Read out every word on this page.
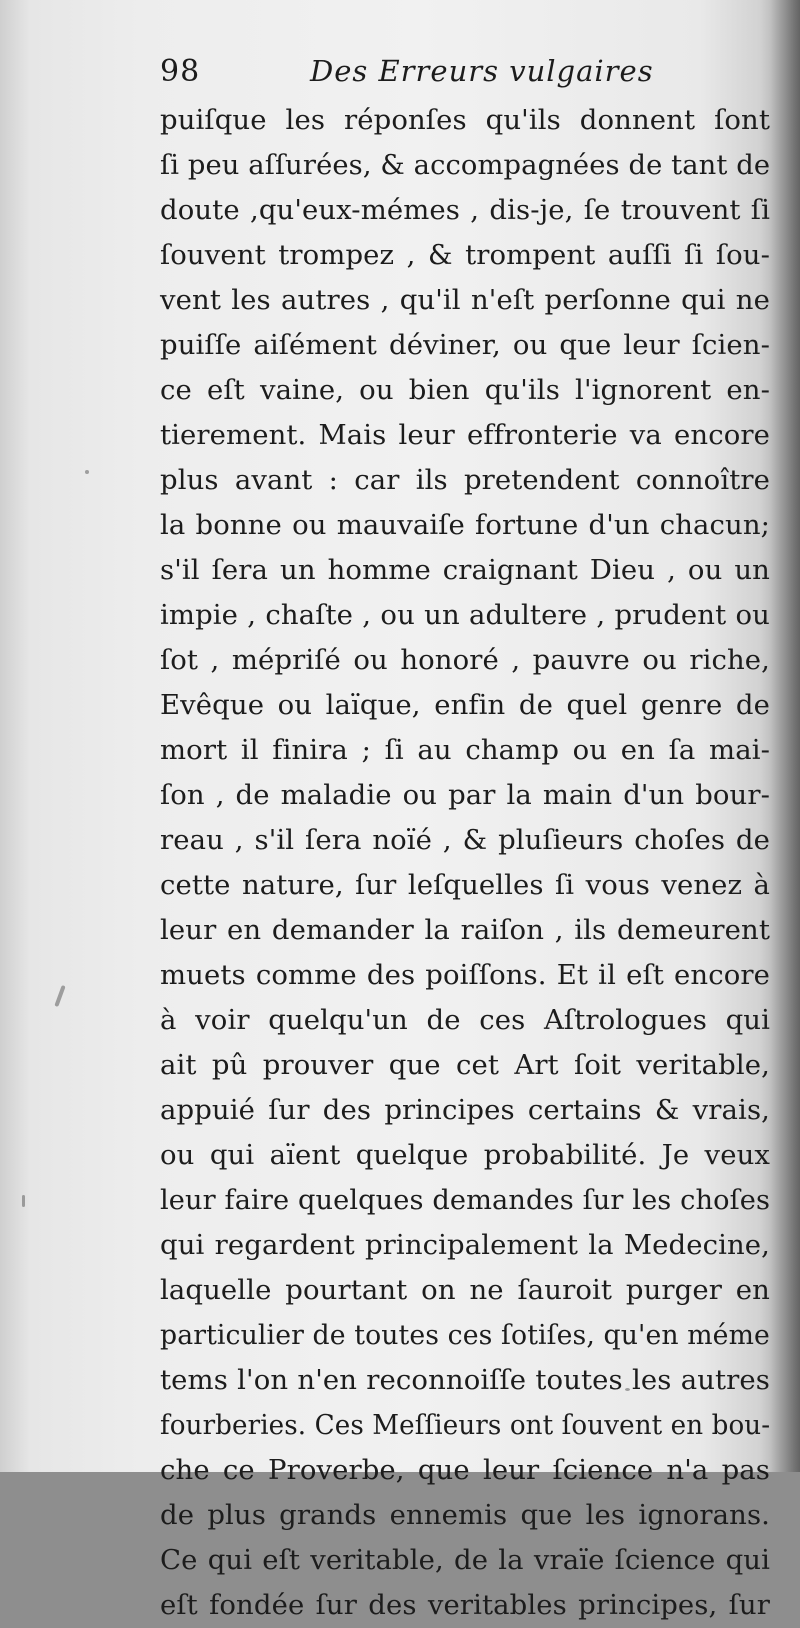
98	Des Erreurs vulgaires
puiſque les réponſes qu'ils donnent ſont
ſi peu aſſurées, & accompagnées de tant de
doute ,qu'eux-mémes , dis-je, ſe trouvent ſi
ſouvent trompez , & trompent auſſi ſi ſou-
vent les autres , qu'il n'eſt perſonne qui ne
puiſſe aiſément déviner, ou que leur ſcien-
ce eſt vaine, ou bien qu'ils l'ignorent en-
tierement. Mais leur effronterie va encore
plus avant : car ils pretendent connoître
la bonne ou mauvaiſe fortune d'un chacun;
s'il ſera un homme craignant Dieu , ou un
impie , chaſte , ou un adultere , prudent ou
ſot , mépriſé ou honoré , pauvre ou riche,
Evêque ou laïque, enfin de quel genre de
mort il finira ; ſi au champ ou en ſa mai-
ſon , de maladie ou par la main d'un bour-
reau , s'il ſera noïé , & pluſieurs choſes de
cette nature, ſur leſquelles ſi vous venez à
leur en demander la raiſon , ils demeurent
muets comme des poiſſons. Et il eſt encore
à voir quelqu'un de ces Aſtrologues qui
ait pû prouver que cet Art ſoit veritable,
appuié ſur des principes certains & vrais,
ou qui aïent quelque probabilité. Je veux
leur faire quelques demandes ſur les choſes
qui regardent principalement la Medecine,
laquelle pourtant on ne ſauroit purger en
particulier de toutes ces ſotiſes, qu'en méme
tems l'on n'en reconnoiſſe toutes les autres
fourberies. Ces Meſſieurs ont ſouvent en bou-
che ce Proverbe, que leur ſcience n'a pas
de plus grands ennemis que les ignorans.
Ce qui eſt veritable, de la vraïe ſcience qui
eſt fondée ſur des veritables principes, ſur
